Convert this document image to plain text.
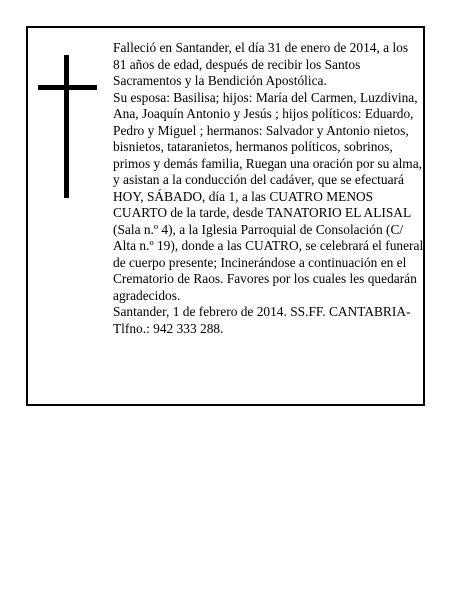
Falleció en Santander, el día 31 de enero de 2014, a los 81 años de edad, después de recibir los Santos Sacramentos y la Bendición Apostólica.

Su esposa: Basilisa; hijos: María del Carmen, Luzdivina, Ana, Joaquín Antonio y Jesús ; hijos políticos: Eduardo, Pedro y Miguel ; hermanos: Salvador y Antonio nietos, bisnietos, tataranietos, hermanos políticos, sobrinos, primos y demás familia, Ruegan una oración por su alma, y asistan a la conducción del cadáver, que se efectuará HOY, SÁBADO, día 1, a las CUATRO MENOS CUARTO de la tarde, desde TANATORIO EL ALISAL (Sala n.º 4), a la Iglesia Parroquial de Consolación (C/ Alta n.º 19), donde a las CUATRO, se celebrará el funeral de cuerpo presente; Incinerándose a continuación en el Crematorio de Raos. Favores por los cuales les quedarán agradecidos.

Santander, 1 de febrero de 2014. SS.FF. CANTABRIA-Tlfno.: 942 333 288.
